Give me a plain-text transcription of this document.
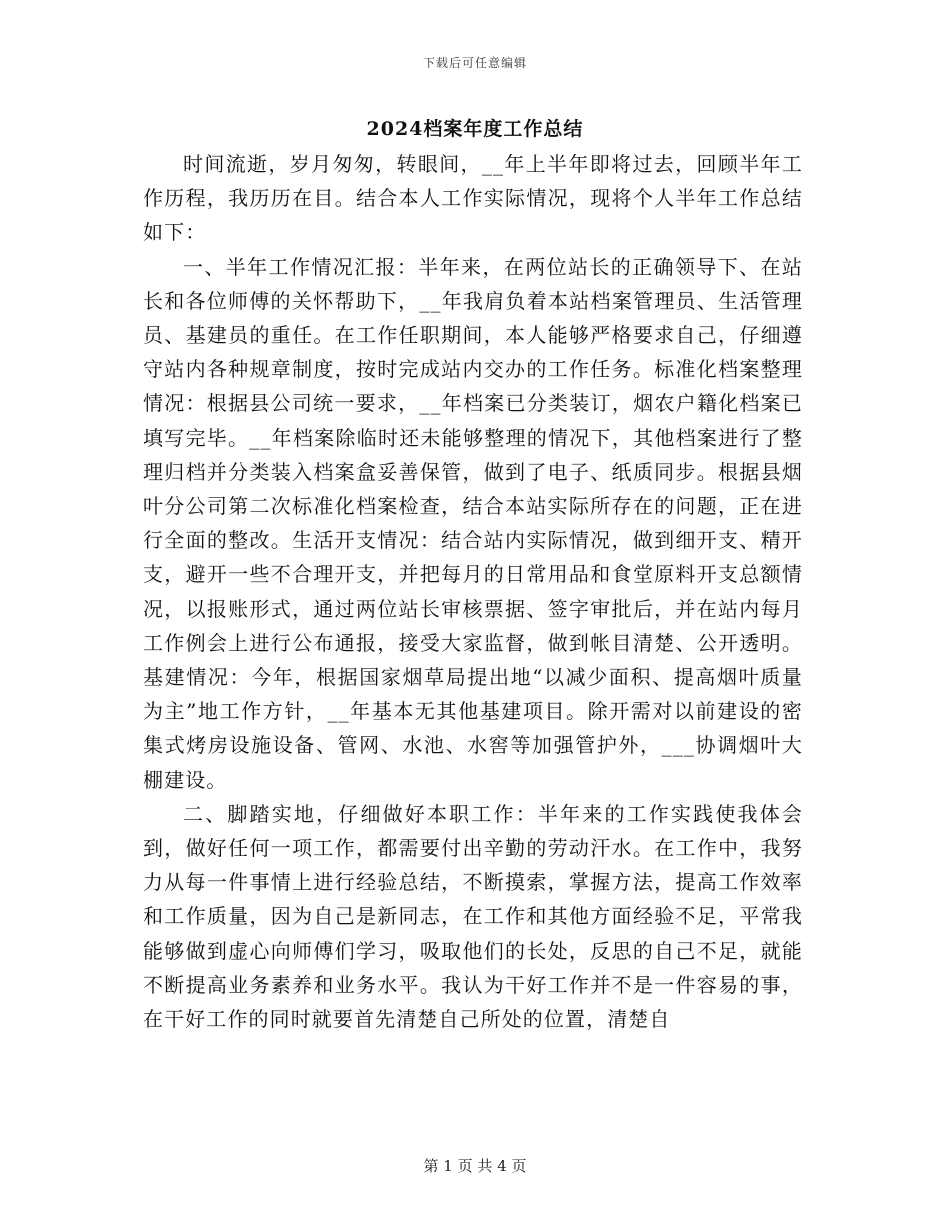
下载后可任意编辑
2024档案年度工作总结

时间流逝，岁月匆匆，转眼间，__年上半年即将过去，回顾半年工作历程，我历历在目。结合本人工作实际情况，现将个人半年工作总结如下：

一、半年工作情况汇报：半年来，在两位站长的正确领导下、在站长和各位师傅的关怀帮助下，__年我肩负着本站档案管理员、生活管理员、基建员的重任。在工作任职期间，本人能够严格要求自己，仔细遵守站内各种规章制度，按时完成站内交办的工作任务。标准化档案整理情况：根据县公司统一要求，__年档案已分类装订，烟农户籍化档案已填写完毕。__年档案除临时还未能够整理的情况下，其他档案进行了整理归档并分类装入档案盒妥善保管，做到了电子、纸质同步。根据县烟叶分公司第二次标准化档案检查，结合本站实际所存在的问题，正在进行全面的整改。生活开支情况：结合站内实际情况，做到细开支、精开支，避开一些不合理开支，并把每月的日常用品和食堂原料开支总额情况，以报账形式，通过两位站长审核票据、签字审批后，并在站内每月工作例会上进行公布通报，接受大家监督，做到帐目清楚、公开透明。基建情况：今年，根据国家烟草局提出地“以减少面积、提高烟叶质量为主”地工作方针，__年基本无其他基建项目。除开需对以前建设的密集式烤房设施设备、管网、水池、水窖等加强管护外，___协调烟叶大棚建设。

二、脚踏实地，仔细做好本职工作：半年来的工作实践使我体会到，做好任何一项工作，都需要付出辛勤的劳动汗水。在工作中，我努力从每一件事情上进行经验总结，不断摸索，掌握方法，提高工作效率和工作质量，因为自己是新同志，在工作和其他方面经验不足，平常我能够做到虚心向师傅们学习，吸取他们的长处，反思的自己不足，就能不断提高业务素养和业务水平。我认为干好工作并不是一件容易的事，在干好工作的同时就要首先清楚自己所处的位置，清楚自

第 1 页 共 4 页
